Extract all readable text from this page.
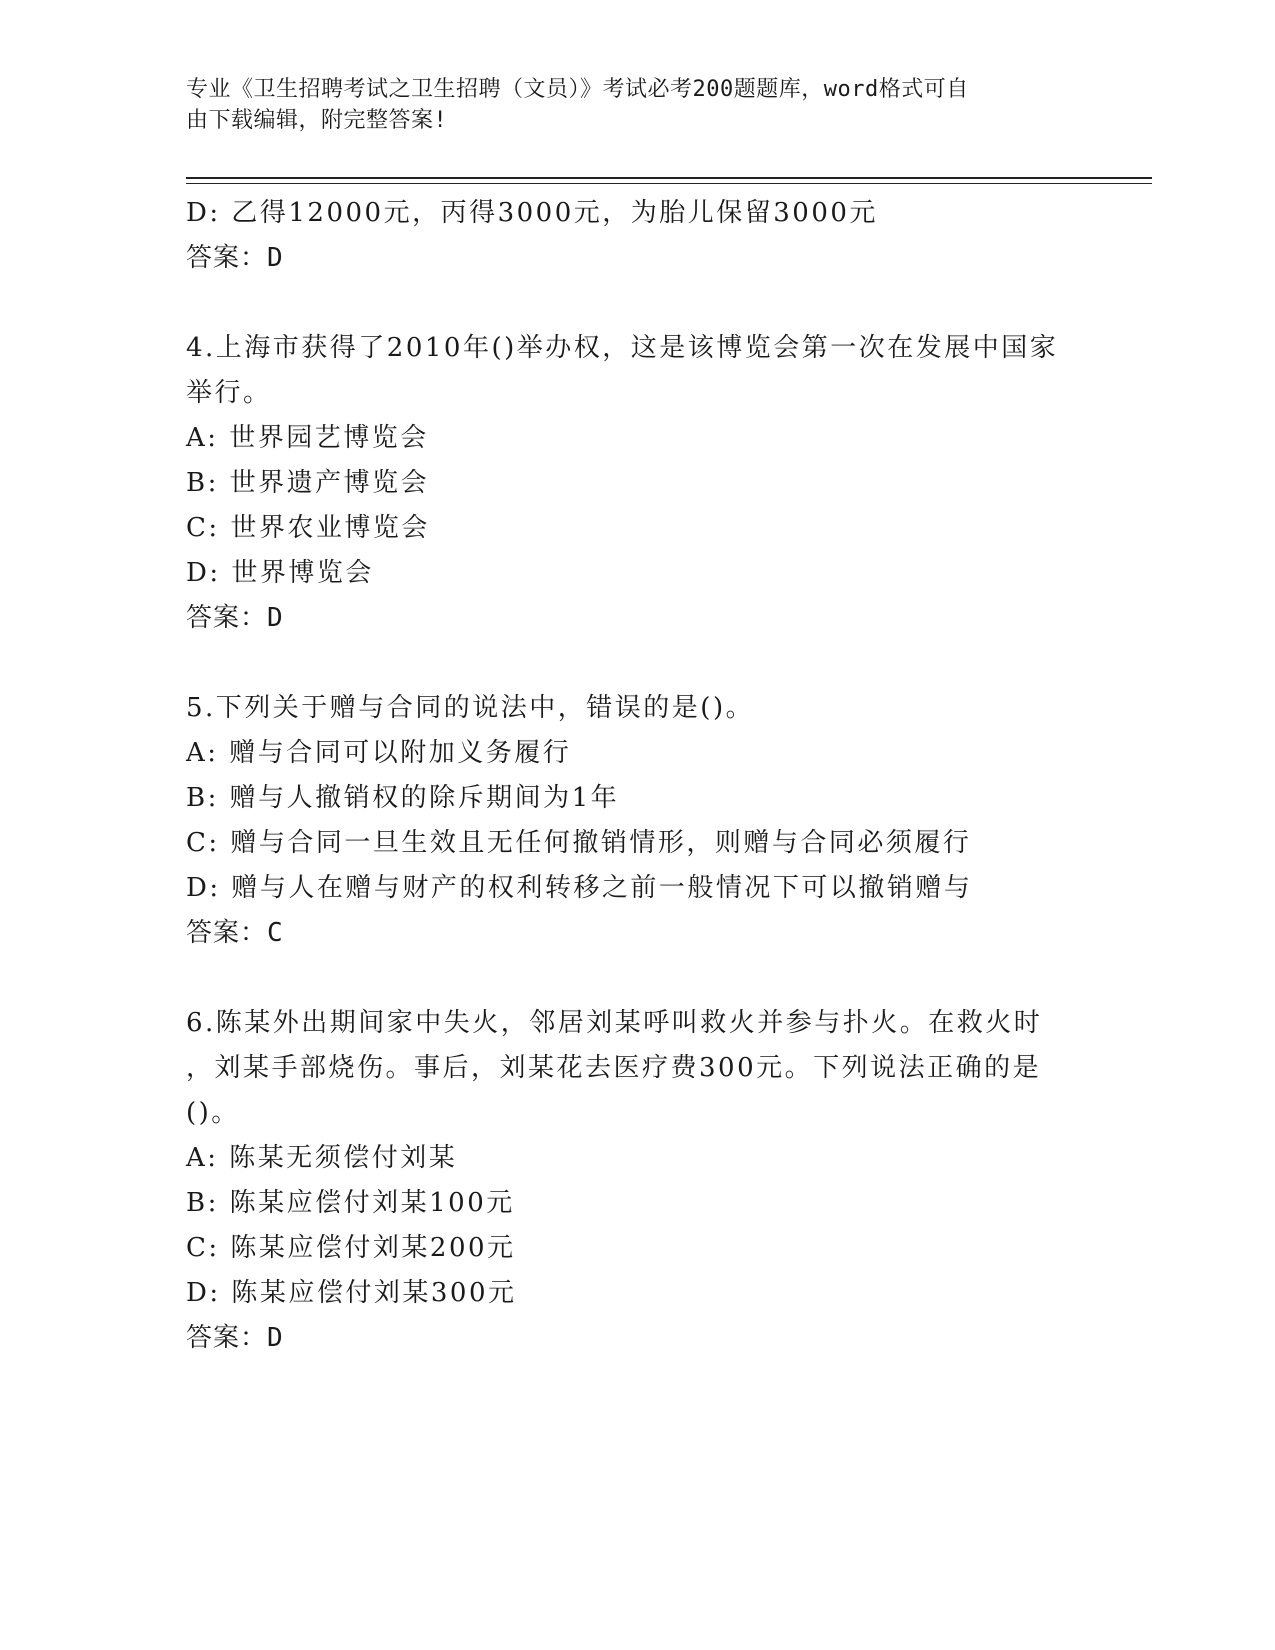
专业《卫生招聘考试之卫生招聘（文员）》考试必考200题题库，word格式可自
由下载编辑，附完整答案!
D: 乙得12000元，丙得3000元，为胎儿保留3000元
答案：D
4.上海市获得了2010年()举办权，这是该博览会第一次在发展中国家
举行。
A: 世界园艺博览会
B: 世界遗产博览会
C: 世界农业博览会
D: 世界博览会
答案：D
5.下列关于赠与合同的说法中，错误的是()。
A: 赠与合同可以附加义务履行
B: 赠与人撤销权的除斥期间为1年
C: 赠与合同一旦生效且无任何撤销情形，则赠与合同必须履行
D: 赠与人在赠与财产的权利转移之前一般情况下可以撤销赠与
答案：C
6.陈某外出期间家中失火，邻居刘某呼叫救火并参与扑火。在救火时
，刘某手部烧伤。事后，刘某花去医疗费300元。下列说法正确的是
()。
A: 陈某无须偿付刘某
B: 陈某应偿付刘某100元
C: 陈某应偿付刘某200元
D: 陈某应偿付刘某300元
答案：D
